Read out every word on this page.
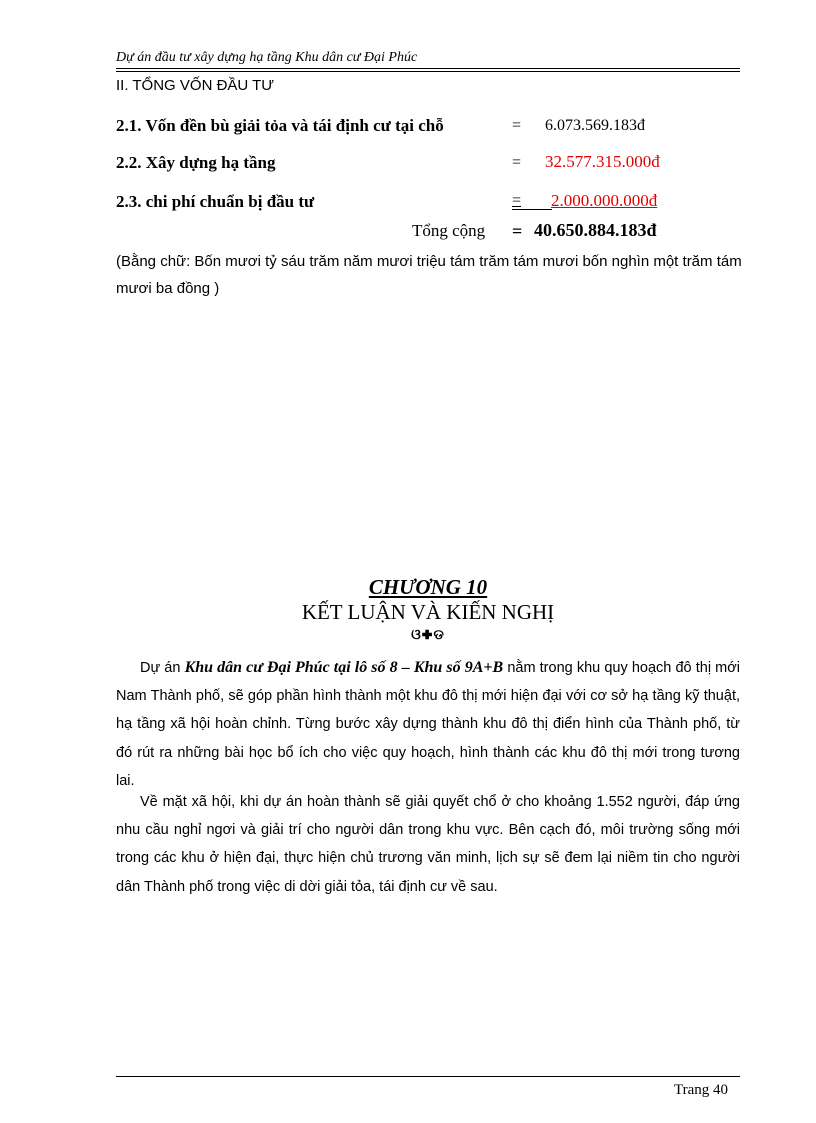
Dự án đầu tư xây dựng hạ tầng Khu dân cư Đại Phúc
II. TỔNG VỐN ĐẦU TƯ
2.1. Vốn đền bù giải tỏa và tái định cư tại chỗ	= 6.073.569.183đ
2.2. Xây dựng hạ tầng	= 32.577.315.000đ
2.3. chi phí chuẩn bị đầu tư	=	2.000.000.000đ
Tổng cộng = 40.650.884.183đ
(Bằng chữ: Bốn mươi tỷ sáu trăm năm mươi triệu tám trăm tám mươi bốn nghìn một trăm tám mươi ba đồng )
CHƯƠNG 10
KẾT LUẬN VÀ KIẾN NGHỊ
ଓ✚ଡ

Dự án Khu dân cư Đại Phúc tại lô số 8 – Khu số 9A+B nằm trong khu quy hoạch đô thị mới Nam Thành phố, sẽ góp phần hình thành một khu đô thị mới hiện đại với cơ sở hạ tầng kỹ thuật, hạ tầng xã hội hoàn chỉnh. Từng bước xây dựng thành khu đô thị điển hình của Thành phố, từ đó rút ra những bài học bổ ích cho việc quy hoạch, hình thành các khu đô thị mới trong tương lai.

Về mặt xã hội, khi dự án hoàn thành sẽ giải quyết chổ ở cho khoảng 1.552 người, đáp ứng nhu cầu nghỉ ngơi và giải trí cho người dân trong khu vực. Bên cạch đó, môi trường sống mới trong các khu ở hiện đại, thực hiện chủ trương văn minh, lịch sự sẽ đem lại niềm tin cho người dân Thành phố trong việc di dời giải tỏa, tái định cư về sau.

Trang 40
